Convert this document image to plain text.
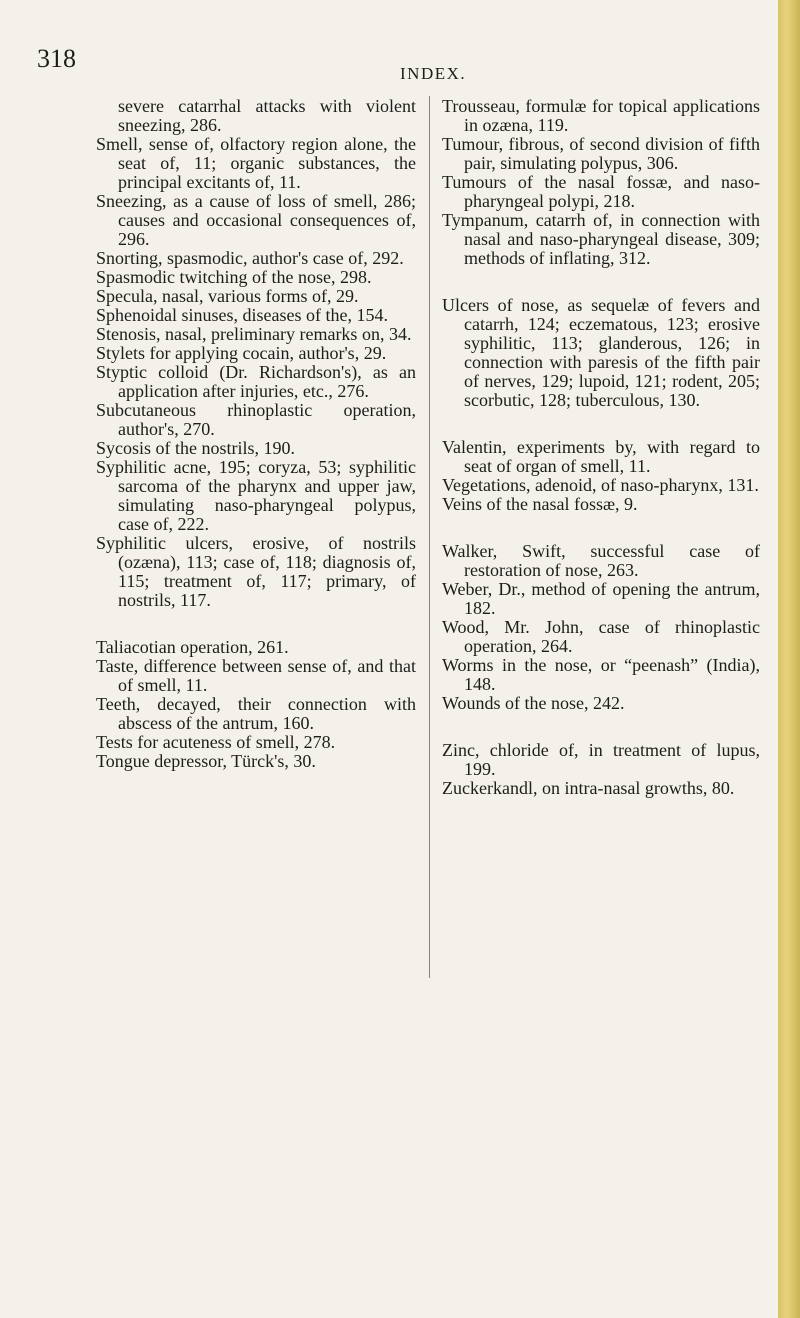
318
INDEX.

severe catarrhal attacks with violent sneezing, 286.

Smell, sense of, olfactory region alone, the seat of, 11; organic substances, the principal excitants of, 11.

Sneezing, as a cause of loss of smell, 286; causes and occasional consequences of, 296.

Snorting, spasmodic, author's case of, 292.

Spasmodic twitching of the nose, 298.

Specula, nasal, various forms of, 29.

Sphenoidal sinuses, diseases of the, 154.

Stenosis, nasal, preliminary remarks on, 34.

Stylets for applying cocain, author's, 29.

Styptic colloid (Dr. Richardson's), as an application after injuries, etc., 276.

Subcutaneous rhinoplastic operation, author's, 270.

Sycosis of the nostrils, 190.

Syphilitic acne, 195; coryza, 53; syphilitic sarcoma of the pharynx and upper jaw, simulating naso-pharyngeal polypus, case of, 222.

Syphilitic ulcers, erosive, of nostrils (ozæna), 113; case of, 118; diagnosis of, 115; treatment of, 117; primary, of nostrils, 117.

Taliacotian operation, 261.

Taste, difference between sense of, and that of smell, 11.

Teeth, decayed, their connection with abscess of the antrum, 160.

Tests for acuteness of smell, 278.

Tongue depressor, Türck's, 30.

Trousseau, formulæ for topical applications in ozæna, 119.

Tumour, fibrous, of second division of fifth pair, simulating polypus, 306.

Tumours of the nasal fossæ, and naso-pharyngeal polypi, 218.

Tympanum, catarrh of, in connection with nasal and naso-pharyngeal disease, 309; methods of inflating, 312.

Ulcers of nose, as sequelæ of fevers and catarrh, 124; eczematous, 123; erosive syphilitic, 113; glanderous, 126; in connection with paresis of the fifth pair of nerves, 129; lupoid, 121; rodent, 205; scorbutic, 128; tuberculous, 130.

Valentin, experiments by, with regard to seat of organ of smell, 11.

Vegetations, adenoid, of naso-pharynx, 131.

Veins of the nasal fossæ, 9.

Walker, Swift, successful case of restoration of nose, 263.

Weber, Dr., method of opening the antrum, 182.

Wood, Mr. John, case of rhinoplastic operation, 264.

Worms in the nose, or “peenash” (India), 148.

Wounds of the nose, 242.

Zinc, chloride of, in treatment of lupus, 199.

Zuckerkandl, on intra-nasal growths, 80.
